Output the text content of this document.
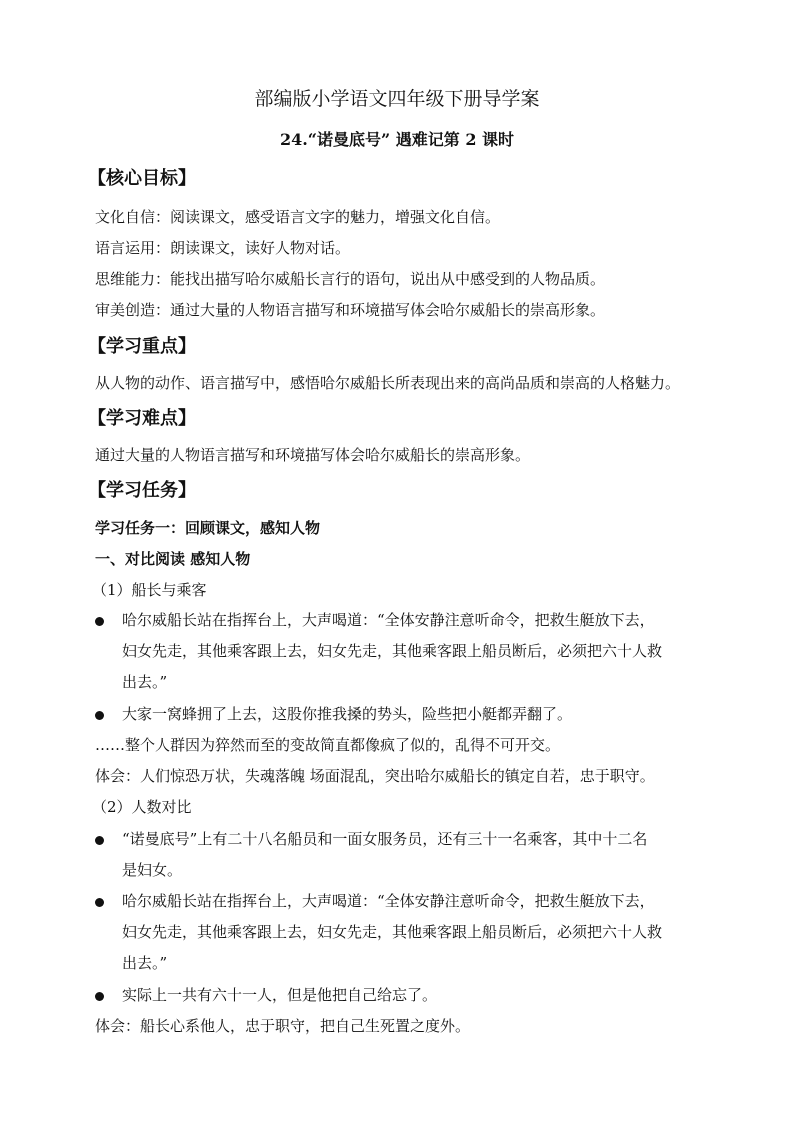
部编版小学语文四年级下册导学案
24.“诺曼底号” 遇难记第 2 课时
【核心目标】
文化自信：阅读课文，感受语言文字的魅力，增强文化自信。
语言运用：朗读课文，读好人物对话。
思维能力：能找出描写哈尔威船长言行的语句，说出从中感受到的人物品质。
审美创造：通过大量的人物语言描写和环境描写体会哈尔威船长的崇高形象。
【学习重点】
从人物的动作、语言描写中，感悟哈尔威船长所表现出来的高尚品质和崇高的人格魅力。
【学习难点】
通过大量的人物语言描写和环境描写体会哈尔威船长的崇高形象。
【学习任务】
学习任务一：回顾课文，感知人物
一、对比阅读 感知人物
（1）船长与乘客
哈尔威船长站在指挥台上，大声喝道：“全体安静注意听命令，把救生艇放下去，
妇女先走，其他乘客跟上去，妇女先走，其他乘客跟上船员断后，必须把六十人救
出去。”
大家一窝蜂拥了上去，这股你推我搡的势头，险些把小艇都弄翻了。
……整个人群因为猝然而至的变故简直都像疯了似的，乱得不可开交。
体会：人们惊恐万状，失魂落魄 场面混乱，突出哈尔威船长的镇定自若，忠于职守。
（2）人数对比
“诺曼底号”上有二十八名船员和一面女服务员，还有三十一名乘客，其中十二名
是妇女。
哈尔威船长站在指挥台上，大声喝道：“全体安静注意听命令，把救生艇放下去，
妇女先走，其他乘客跟上去，妇女先走，其他乘客跟上船员断后，必须把六十人救
出去。”
实际上一共有六十一人，但是他把自己给忘了。
体会：船长心系他人，忠于职守，把自己生死置之度外。
